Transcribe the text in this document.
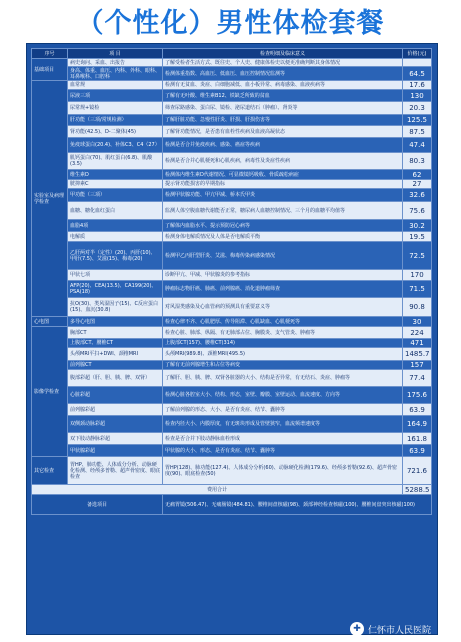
（个性化）男性体检套餐
序号	项 目	检查明细及临床意义	价格(元)
基础项目	病史询问、采血、出报告	了解受检者生活方式、既往史、个人史、健康体检史以便更准确判断其身体情况	
	身高、体重、血压、内科、外科、眼科、耳鼻喉科、口腔科	检测体重指数、高血压、低血压、血压控制情况监测等	64.5
实验室及病理学检查	血常规	检测有无贫血、炎症、白细胞减低、血小板异常、病毒感染、血液疾病等	17.6
	尿液三项	了解有无叶酸、维生素B12、铁缺乏所致的贫血	130
	尿常规+镜检	筛查尿路感染、蛋白尿、镜检、泌尿道结石（肿瘤）、肾炎等	20.3
	肝功能（三项/常规检测）	了解肝脏功能、急慢性肝炎、肝损、肝损伤害等	125.5
	肾功能(42.5)、D-二聚体(45)	了解肾功能情况，是否患有血栓性疾病及血液高凝状态	87.5
	免疫球蛋白(20.4)、补体C3、C4（27）	检测是否合并免疫疾病、感染、癌症等疾病	47.4
	肌钙蛋白(70)、肌红蛋白(6.8)、肌酸(3.5)	检测是否合并心肌梗死和心肌疾病，病毒性及炎症性疾病	80.3
	维生素D	检测体内维生素D代谢情况、可显微镜钙吸收、骨质疏松病症	62
	胱抑素C	提示肾功能损害的早期指标	27
	甲功能（三项）	检测甲状腺功能、甲亢甲减、桥本氏甲炎	32.6
	血糖、糖化血红蛋白	监测人体空腹血糖代谢能否正常，糖尿病人血糖控制情况、三个月的血糖平均值等	75.6
	血脂4项	了解体内血脂水平、提示预防冠心病等	30.2
	电解质	检测身体电解质情况及人体是否电解质平衡	19.5
	乙肝两对半（定性）(20)、丙肝(10)、甲肝(7.5)、艾滋(15)、梅毒(20)	检测甲乙丙肝型肝炎、艾滋、梅毒传染病感染情况	72.5
	甲状七项	诊断甲亢、甲减、甲状腺炎的参考指标	170
	AFP(20)、CEA(13.5)、CA199(20)、PSA(18)	肿瘤标志物肝癌、肺癌、前列腺癌、消化道肿瘤筛查	71.5
	抗O(30)、类风湿因子(15)、C反应蛋白(15)、血沉(30.8)	对风湿类感染及心血管病的预测具有重要意义等	90.8
心电图	多导心电图	检查心律不齐、心肌肥厚、传导阻滞、心肌缺血、心肌梗死等	30
影像学检查	胸部CT	检查心脏、肺部、纵隔、有无肺部占位、胸膜炎、支气管炎、肿瘤等	224
	上腹部CT、腰椎CT	上腹部CT(157)、腰椎CT(314)	471
	头颅MRI平扫+DWI、颈椎MRI	头颅MRI(989.8)、颈椎MRI(495.5)	1485.7
	前列腺CT	了解有无前列腺增生和占位等病变	157
	腹部彩超（肝、胆、胰、脾、双肾）	了解肝、胆、胰、脾、双肾各脏器的大小、结构是否异常，有无结石、炎症、肿瘤等	77.4
	心脏彩超	检测心脏各腔室大小、结构、形态，室壁、瓣膜、室壁运动、血流速度、方向等	175.6
	前列腺彩超	了解前列腺的形态、大小、是否有炎症、结节、囊肿等	63.9
	双侧颈动脉彩超	检查内径大小、内膜厚度，有无斑块形成及管壁狭窄，血流频谱速度等	164.9
	双下肢动静脉彩超	检查是否合并下肢动静脉血栓形成	161.8
	甲状腺彩超	甲状腺的大小、形态、是否有炎症、结节、囊肿等	63.9
其它检查	胃HP、肺功能、人体成分分析、动脉硬化检测、经颅多普勒、超声骨密度、眼底检查	胃HP(128)、肺功能(127.4)、人体成分分析(60)、动脉硬化检测(179.6)、经颅多普勒(92.6)、超声骨密度(90)、眼底检查(50)	721.6
费用合计			5288.5
备选项目		无痛胃镜(506.47)、无痛肠镜(484.81)、腰椎间盘核磁(98)、颈部神经检查核磁(100)、腰椎间盘突出核磁(100)	
✚ 仁怀市人民医院
